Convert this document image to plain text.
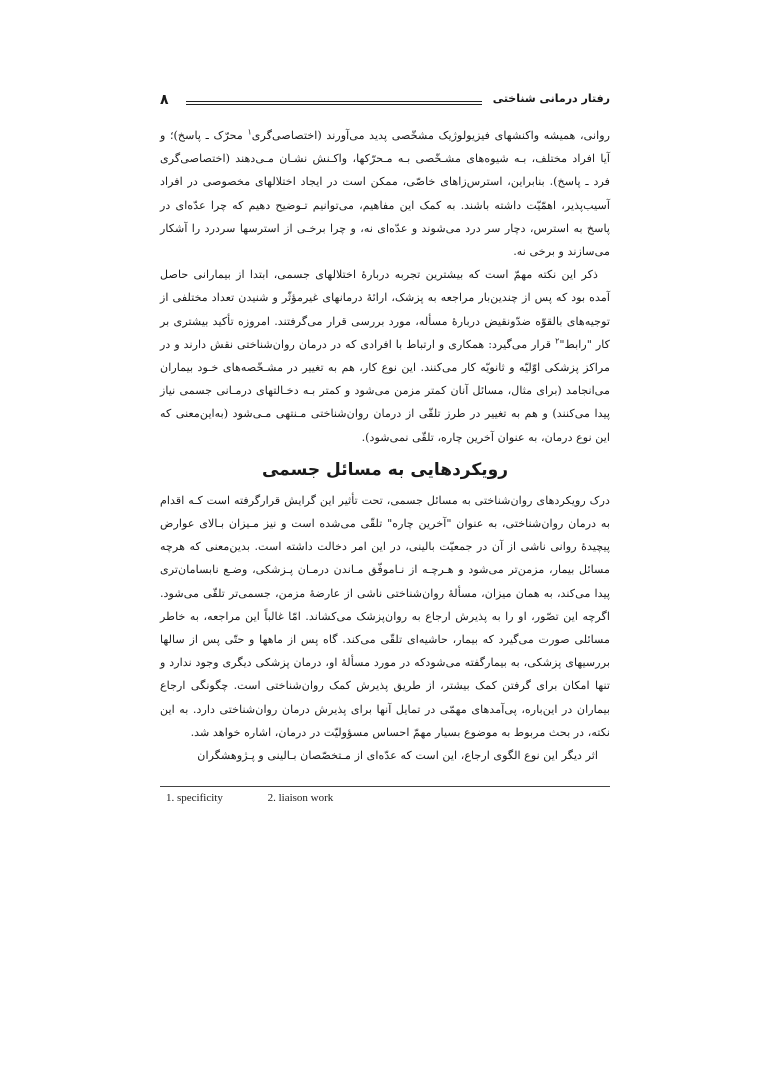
۸	رفتار درمانی شناختی

روانی، همیشه واکنشهای فیزیولوژیک مشخّصی پدید می‌آورند (اختصاصی‌گری$^۱$ محرّک ـ پاسخ)؛ و آیا افراد مختلف، بـه شیوه‌های مشـخّصی بـه مـحرّکها، واکـنش نشـان مـی‌دهند (اختصاصی‌گری فرد ـ پاسخ). بنابراین، استرس‌زاهای خاصّی، ممکن است در ایجاد اختلالهای مخصوصی در افراد آسیب‌پذیر، اهمّیّت داشته باشند. به کمک این مفاهیم، می‌توانیم تـوضیح دهیم که چرا عدّه‌ای در پاسخ به استرس، دچار سر درد می‌شوند و عدّه‌ای نه، و چرا برخـی از استرسها سردرد را آشکار می‌سازند و برخی نه.

ذکر این نکته مهمّ است که بیشترین تجربه دربارهٔ اختلالهای جسمی، ابتدا از بیمارانی حاصل آمده بود که پس از چندین‌بار مراجعه به پزشک، ارائهٔ درمانهای غیرمؤثّر و شنیدن تعداد مختلفی از توجیه‌های بالقوّه ضدّونقیض دربارهٔ مسأله، مورد بررسی قرار می‌گرفتند. امروزه تأکید بیشتری بر کار "رابط"$^۲$ قرار می‌گیرد: همکاری و ارتباط با افرادی که در درمان روان‌شناختی نقش دارند و در مراکز پزشکی اوّلیّه و ثانویّه کار می‌کنند. این نوع کار، هم به تغییر در مشـخّصه‌های خـود بیماران می‌انجامد (برای مثال، مسائل آنان کمتر مزمن می‌شود و کمتر بـه دخـالتهای درمـانی جسمی نیاز پیدا می‌کنند) و هم به تغییر در طرز تلقّی از درمان روان‌شناختی مـنتهی مـی‌شود (به‌این‌معنی که این نوع درمان، به عنوان آخرین چاره، تلقّی نمی‌شود).

رویکردهایی به مسائل جسمی

درک رویکردهای روان‌شناختی به مسائل جسمی، تحت تأثیر این گرایش قرارگرفته است کـه اقدام به درمان روان‌شناختی، به عنوان "آخرین چاره" تلقّی می‌شده است و نیز مـیزان بـالای عوارض پیچیدهٔ روانی ناشی از آن در جمعیّت بالینی، در این امر دخالت داشته است. بدین‌معنی که هرچه مسائل بیمار، مزمن‌تر می‌شود و هـرچـه از نـاموفّق مـاندن درمـان پـزشکی، وضـع نابسامان‌تری پیدا می‌کند، به همان میزان، مسألهٔ روان‌شناختی ناشی از عارضهٔ مزمن، جسمی‌تر تلقّی می‌شود. اگرچه این تصّور، او را به پذیرش ارجاع به روان‌پزشک می‌کشاند. امّا غالباً این مراجعه، به خاطر مسائلی صورت می‌گیرد که بیمار، حاشیه‌ای تلقّی می‌کند. گاه پس از ماهها و حتّی پس از سالها بررسیهای پزشکی، به بیمارگفته می‌شودکه در مورد مسألهٔ او، درمان پزشکی دیگری وجود ندارد و تنها امکان برای گرفتن کمک بیشتر، از طریق پذیرش کمک روان‌شناختی است. چگونگی ارجاع بیماران در این‌باره، پی‌آمدهای مهمّی در تمایل آنها برای پذیرش درمان روان‌شناختی دارد. به این نکته، در بحث مربوط به موضوع بسیار مهمّ احساس مسؤولیّت در درمان، اشاره خواهد شد.

اثر دیگر این نوع الگوی ارجاع، این است که عدّه‌ای از مـتخصّصان بـالینی و پـژوهشگران

1. specificity	2. liaison work
